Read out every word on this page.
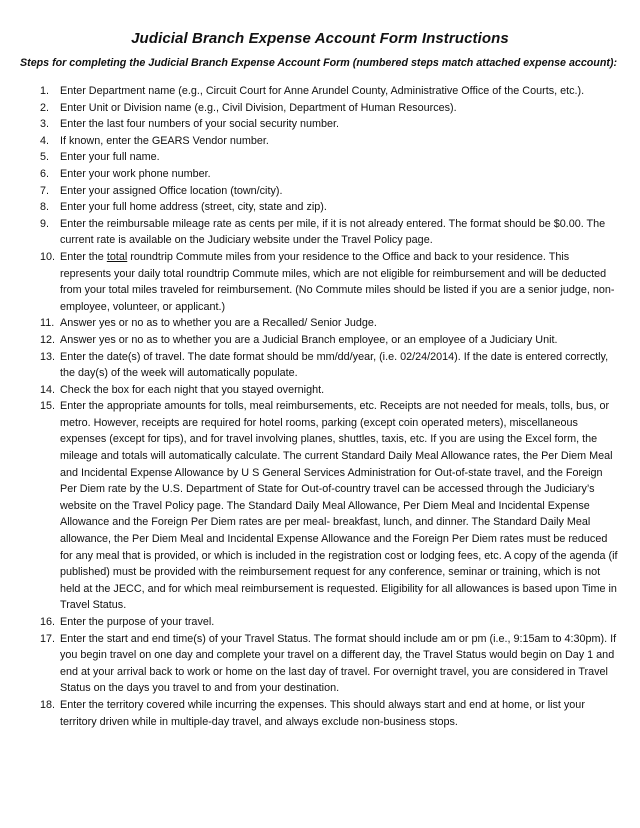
Judicial Branch Expense Account Form Instructions
Steps for completing the Judicial Branch Expense Account Form (numbered steps match attached expense account):
1.	Enter Department name (e.g., Circuit Court for Anne Arundel County, Administrative Office of the Courts, etc.).
2.	Enter Unit or Division name (e.g., Civil Division, Department of Human Resources).
3.	Enter the last four numbers of your social security number.
4.	If known, enter the GEARS Vendor number.
5.	Enter your full name.
6.	Enter your work phone number.
7.	Enter your assigned Office location (town/city).
8.	Enter your full home address (street, city, state and zip).
9.	Enter the reimbursable mileage rate as cents per mile, if it is not already entered. The format should be $0.00. The current rate is available on the Judiciary website under the Travel Policy page.
10. Enter the total roundtrip Commute miles from your residence to the Office and back to your residence. This represents your daily total roundtrip Commute miles, which are not eligible for reimbursement and will be deducted from your total miles traveled for reimbursement. (No Commute miles should be listed if you are a senior judge, non-employee, volunteer, or applicant.)
11. Answer yes or no as to whether you are a Recalled/ Senior Judge.
12. Answer yes or no as to whether you are a Judicial Branch employee, or an employee of a Judiciary Unit.
13. Enter the date(s) of travel. The date format should be mm/dd/year, (i.e. 02/24/2014). If the date is entered correctly, the day(s) of the week will automatically populate.
14. Check the box for each night that you stayed overnight.
15. Enter the appropriate amounts for tolls, meal reimbursements, etc. Receipts are not needed for meals, tolls, bus, or metro. However, receipts are required for hotel rooms, parking (except coin operated meters), miscellaneous expenses (except for tips), and for travel involving planes, shuttles, taxis, etc. If you are using the Excel form, the mileage and totals will automatically calculate. The current Standard Daily Meal Allowance rates, the Per Diem Meal and Incidental Expense Allowance by U S General Services Administration for Out-of-state travel, and the Foreign Per Diem rate by the U.S. Department of State for Out-of-country travel can be accessed through the Judiciary’s website on the Travel Policy page. The Standard Daily Meal Allowance, Per Diem Meal and Incidental Expense Allowance and the Foreign Per Diem rates are per meal- breakfast, lunch, and dinner. The Standard Daily Meal allowance, the Per Diem Meal and Incidental Expense Allowance and the Foreign Per Diem rates must be reduced for any meal that is provided, or which is included in the registration cost or lodging fees, etc. A copy of the agenda (if published) must be provided with the reimbursement request for any conference, seminar or training, which is not held at the JECC, and for which meal reimbursement is requested. Eligibility for all allowances is based upon Time in Travel Status.
16. Enter the purpose of your travel.
17. Enter the start and end time(s) of your Travel Status. The format should include am or pm (i.e., 9:15am to 4:30pm). If you begin travel on one day and complete your travel on a different day, the Travel Status would begin on Day 1 and end at your arrival back to work or home on the last day of travel. For overnight travel, you are considered in Travel Status on the days you travel to and from your destination.
18. Enter the territory covered while incurring the expenses. This should always start and end at home, or list your territory driven while in multiple-day travel, and always exclude non-business stops.
